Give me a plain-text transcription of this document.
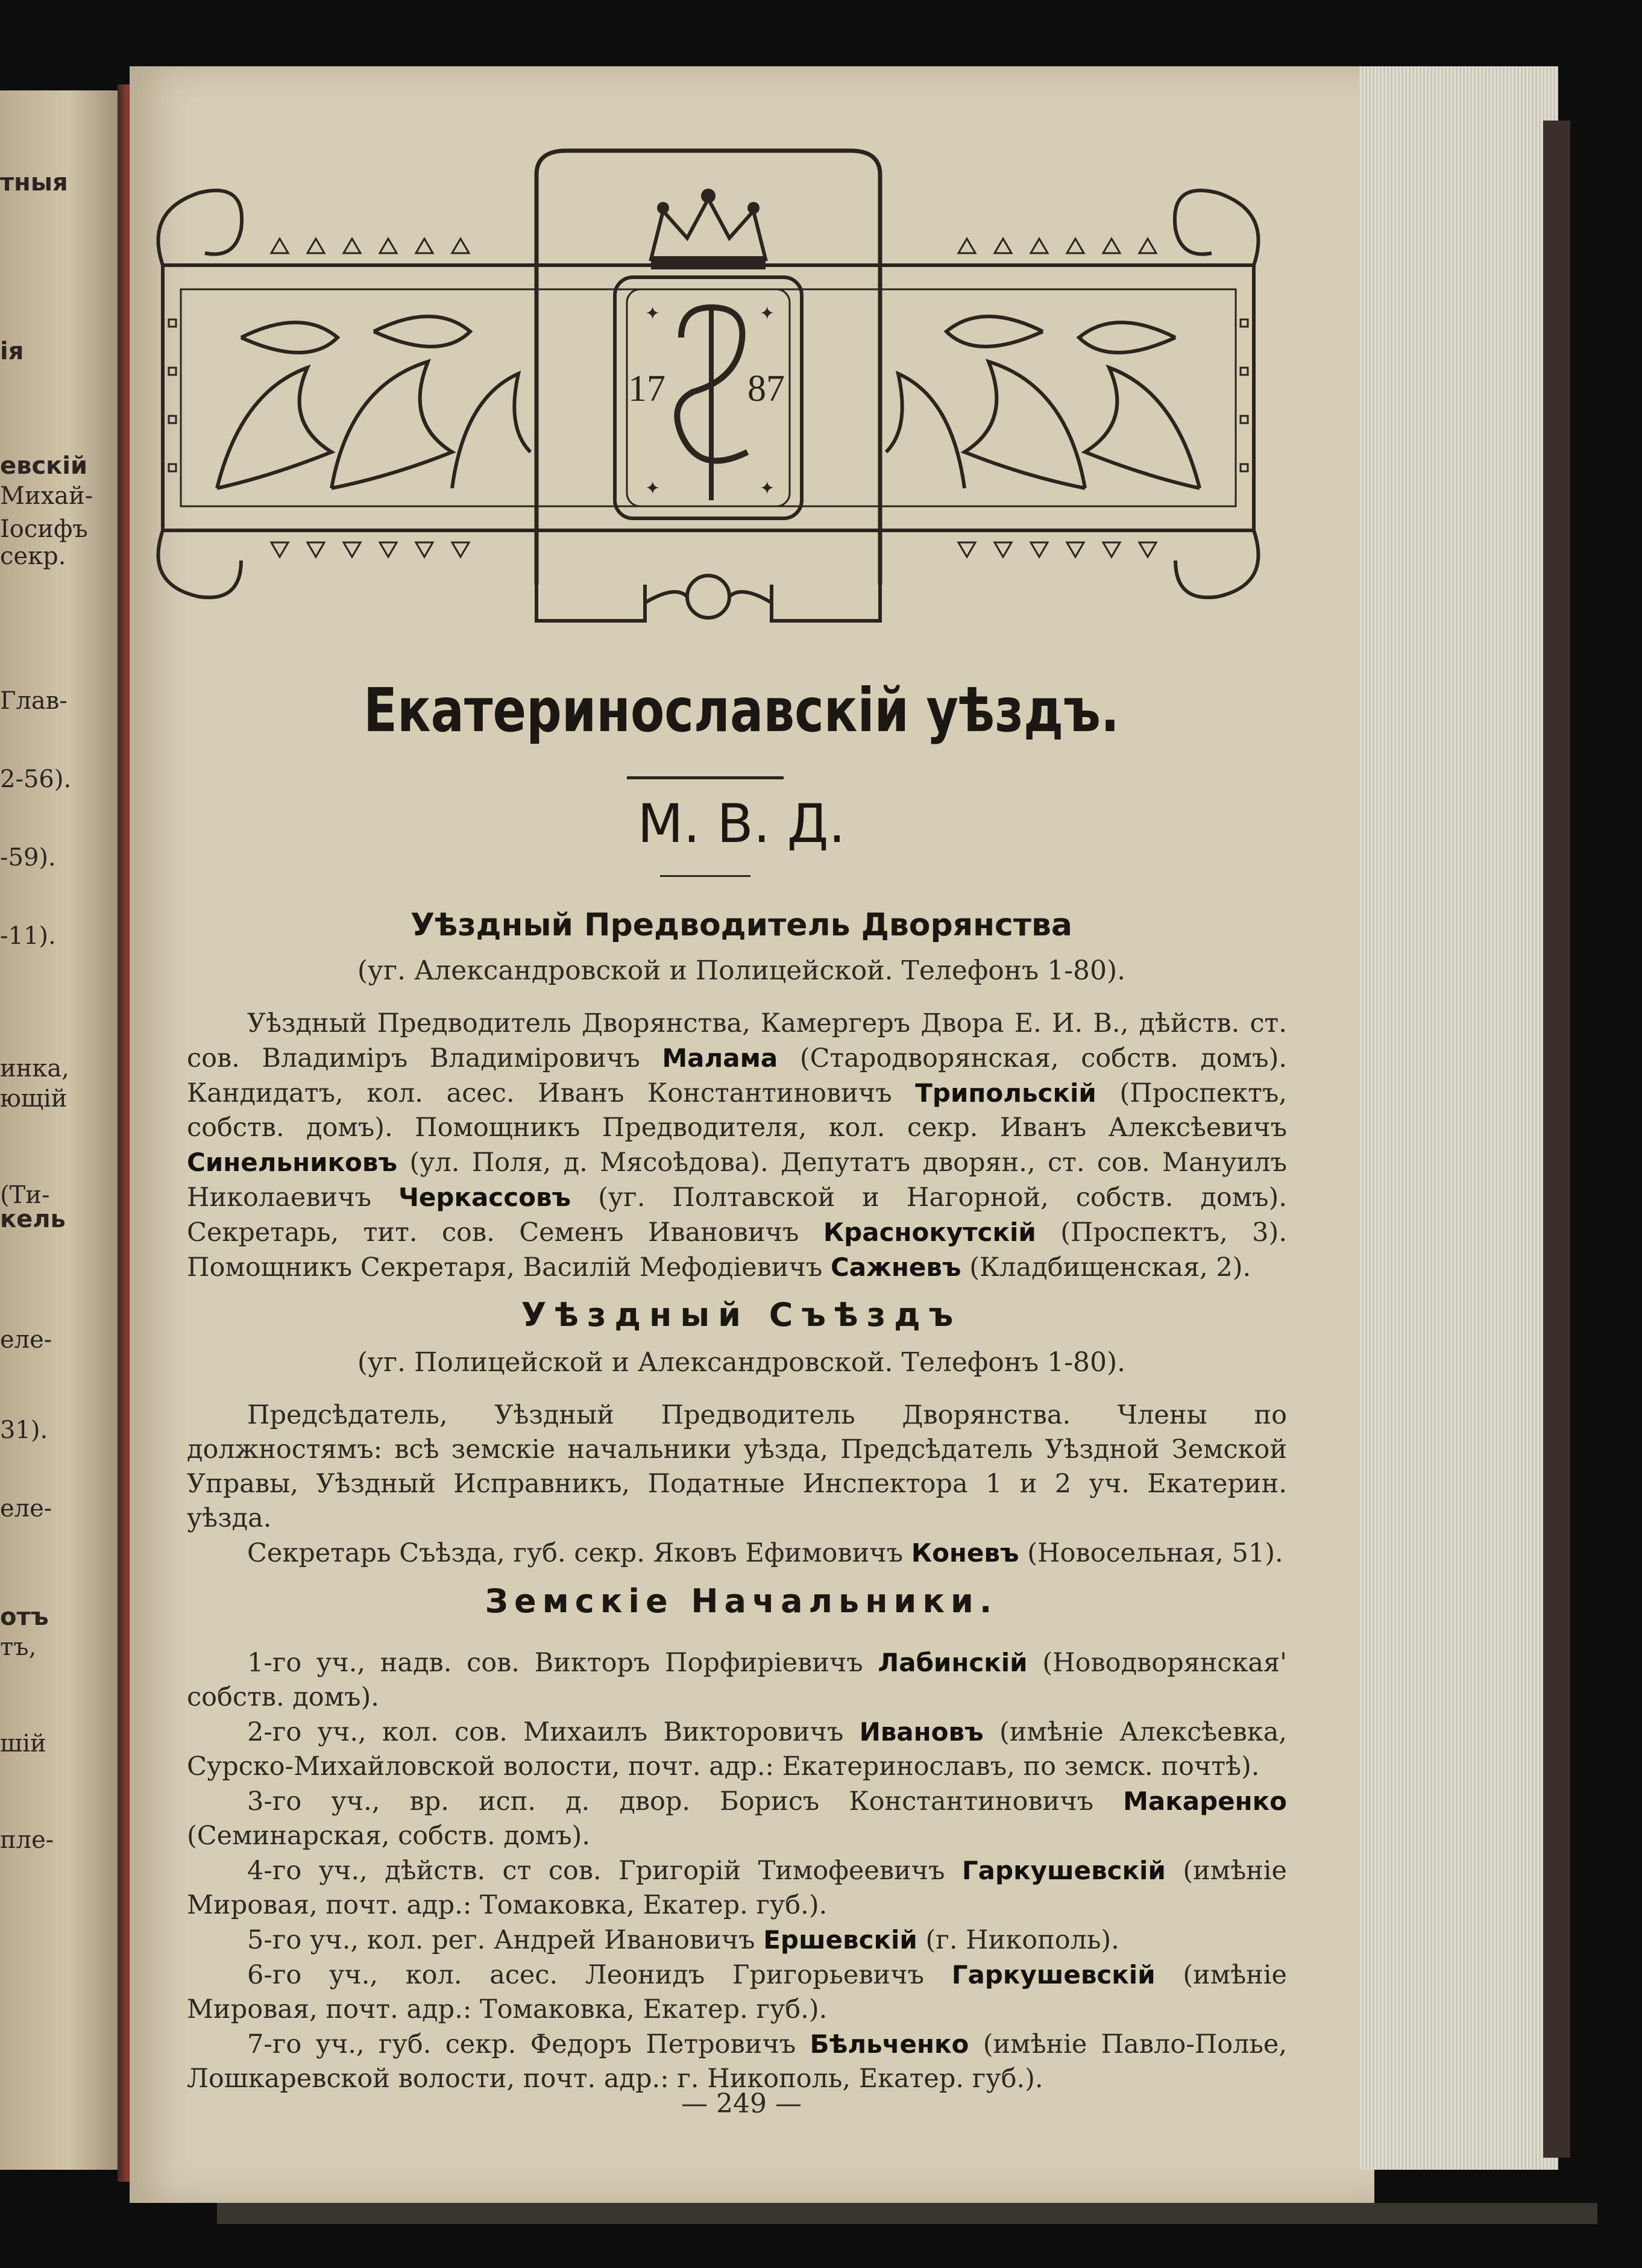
тныя
ія
евскій
Михай-
Іосифъ
секр.
Глав-
2-56).
-59).
-11).
инка,
ющій
(Ти-
кель
еле-
31).
еле-
отъ
тъ,
шій
пле-
✦	✦
✦	✦
17 87
Екатеринославскій уѣздъ.
М. В. Д.
Уѣздный Предводитель Дворянства
(уг. Александровской и Полицейской. Телефонъ 1-80).

Уѣздный Предводитель Дворянства, Камергеръ Двора Е. И. В., дѣйств. ст. сов. Владиміръ Владиміровичъ Малама (Стародворянская, собств. домъ). Кандидатъ, кол. асес. Иванъ Константиновичъ Трипольскій (Проспектъ, собств. домъ). Помощникъ Предводителя, кол. секр. Иванъ Алексѣевичъ Синельниковъ (ул. Поля, д. Мясоѣдова). Депутатъ дворян., ст. сов. Мануилъ Николаевичъ Черкассовъ (уг. Полтавской и Нагорной, собств. домъ). Секретарь, тит. сов. Семенъ Ивановичъ Краснокутскій (Проспектъ, 3). Помощникъ Секретаря, Василій Мефодіевичъ Сажневъ (Кладбищенская, 2).

Уѣздный Съѣздъ
(уг. Полицейской и Александровской. Телефонъ 1-80).

Предсѣдатель, Уѣздный Предводитель Дворянства. Члены по должностямъ: всѣ земскіе начальники уѣзда, Предсѣдатель Уѣздной Земской Управы, Уѣздный Исправникъ, Податные Инспектора 1 и 2 уч. Екатерин. уѣзда.

Секретарь Съѣзда, губ. секр. Яковъ Ефимовичъ Коневъ (Новосельная, 51).

Земскіе Начальники.

1-го уч., надв. сов. Викторъ Порфиріевичъ Лабинскій (Новодворянская' собств. домъ).

2-го уч., кол. сов. Михаилъ Викторовичъ Ивановъ (имѣніе Алексѣевка, Сурско-Михайловской волости, почт. адр.: Екатеринославъ, по земск. почтѣ).

3-го уч., вр. исп. д. двор. Борисъ Константиновичъ Макаренко (Семинарская, собств. домъ).

4-го уч., дѣйств. ст сов. Григорій Тимофеевичъ Гаркушевскій (имѣніе Мировая, почт. адр.: Томаковка, Екатер. губ.).

5-го уч., кол. рег. Андрей Ивановичъ Ершевскій (г. Никополь).

6-го уч., кол. асес. Леонидъ Григорьевичъ Гаркушевскій (имѣніе Мировая, почт. адр.: Томаковка, Екатер. губ.).

7-го уч., губ. секр. Федоръ Петровичъ Бѣльченко (имѣніе Павло-Полье, Лошкаревской волости, почт. адр.: г. Никополь, Екатер. губ.).

— 249 —
